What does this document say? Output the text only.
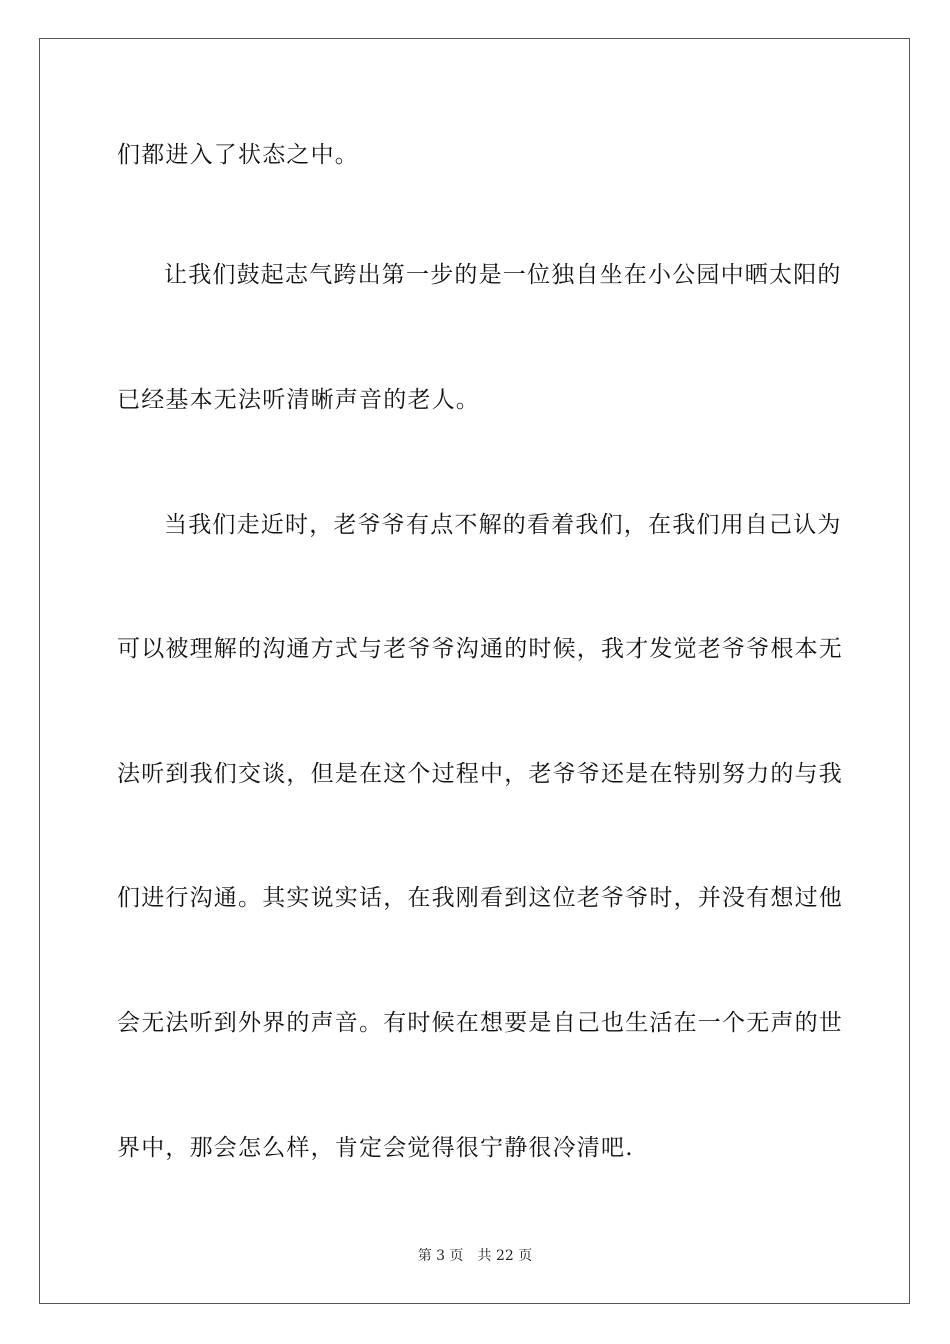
们都进入了状态之中。
让我们鼓起志气跨出第一步的是一位独自坐在小公园中晒太阳的
已经基本无法听清晰声音的老人。
当我们走近时，老爷爷有点不解的看着我们，在我们用自己认为
可以被理解的沟通方式与老爷爷沟通的时候，我才发觉老爷爷根本无
法听到我们交谈，但是在这个过程中，老爷爷还是在特别努力的与我
们进行沟通。其实说实话，在我刚看到这位老爷爷时，并没有想过他
会无法听到外界的声音。有时候在想要是自己也生活在一个无声的世
界中，那会怎么样，肯定会觉得很宁静很冷清吧.
第 3 页 共 22 页
